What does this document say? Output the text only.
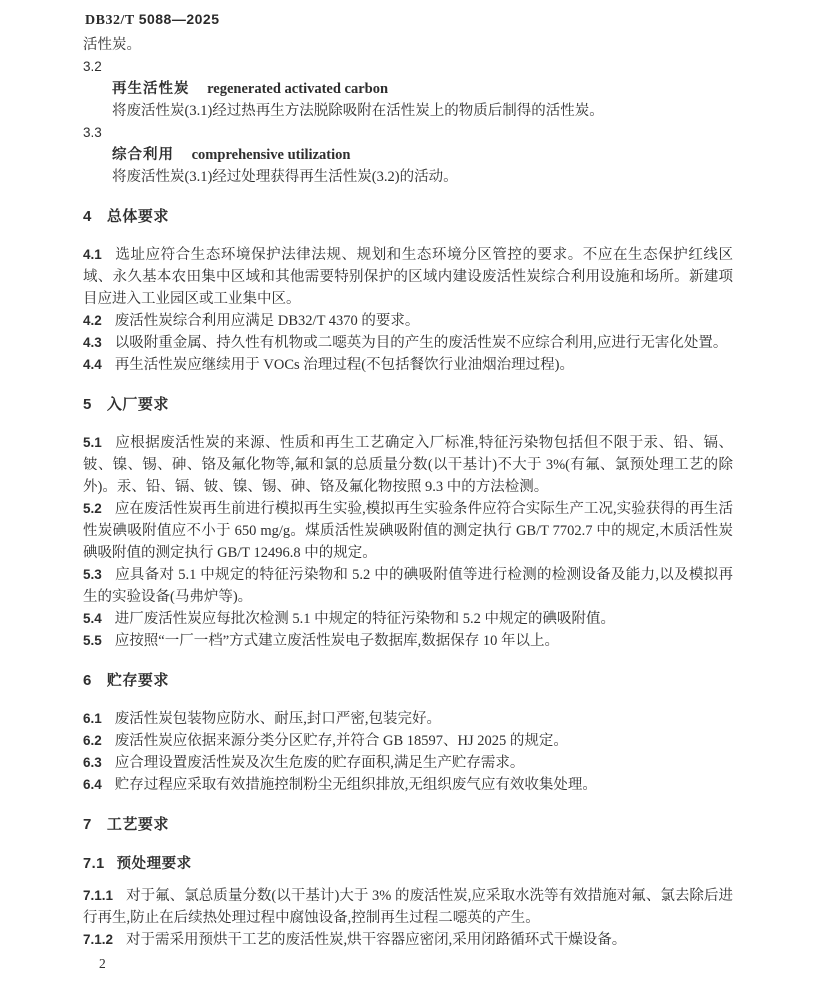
DB32/T 5088—2025

活性炭。

3.2

再生活性炭 regenerated activated carbon

将废活性炭(3.1)经过热再生方法脱除吸附在活性炭上的物质后制得的活性炭。

3.3

综合利用 comprehensive utilization

将废活性炭(3.1)经过处理获得再生活性炭(3.2)的活动。

4 总体要求

4.1 选址应符合生态环境保护法律法规、规划和生态环境分区管控的要求。不应在生态保护红线区域、永久基本农田集中区域和其他需要特别保护的区域内建设废活性炭综合利用设施和场所。新建项目应进入工业园区或工业集中区。

4.2 废活性炭综合利用应满足 DB32/T 4370 的要求。

4.3 以吸附重金属、持久性有机物或二噁英为目的产生的废活性炭不应综合利用,应进行无害化处置。

4.4 再生活性炭应继续用于 VOCs 治理过程(不包括餐饮行业油烟治理过程)。

5 入厂要求

5.1 应根据废活性炭的来源、性质和再生工艺确定入厂标准,特征污染物包括但不限于汞、铅、镉、铍、镍、锡、砷、铬及氟化物等,氟和氯的总质量分数(以干基计)不大于 3%(有氟、氯预处理工艺的除外)。汞、铅、镉、铍、镍、锡、砷、铬及氟化物按照 9.3 中的方法检测。

5.2 应在废活性炭再生前进行模拟再生实验,模拟再生实验条件应符合实际生产工况,实验获得的再生活性炭碘吸附值应不小于 650 mg/g。煤质活性炭碘吸附值的测定执行 GB/T 7702.7 中的规定,木质活性炭碘吸附值的测定执行 GB/T 12496.8 中的规定。

5.3 应具备对 5.1 中规定的特征污染物和 5.2 中的碘吸附值等进行检测的检测设备及能力,以及模拟再生的实验设备(马弗炉等)。

5.4 进厂废活性炭应每批次检测 5.1 中规定的特征污染物和 5.2 中规定的碘吸附值。

5.5 应按照“一厂一档”方式建立废活性炭电子数据库,数据保存 10 年以上。

6 贮存要求

6.1 废活性炭包装物应防水、耐压,封口严密,包装完好。

6.2 废活性炭应依据来源分类分区贮存,并符合 GB 18597、HJ 2025 的规定。

6.3 应合理设置废活性炭及次生危废的贮存面积,满足生产贮存需求。

6.4 贮存过程应采取有效措施控制粉尘无组织排放,无组织废气应有效收集处理。

7 工艺要求
7.1 预处理要求

7.1.1 对于氟、氯总质量分数(以干基计)大于 3% 的废活性炭,应采取水洗等有效措施对氟、氯去除后进行再生,防止在后续热处理过程中腐蚀设备,控制再生过程二噁英的产生。

7.1.2 对于需采用预烘干工艺的废活性炭,烘干容器应密闭,采用闭路循环式干燥设备。

2
